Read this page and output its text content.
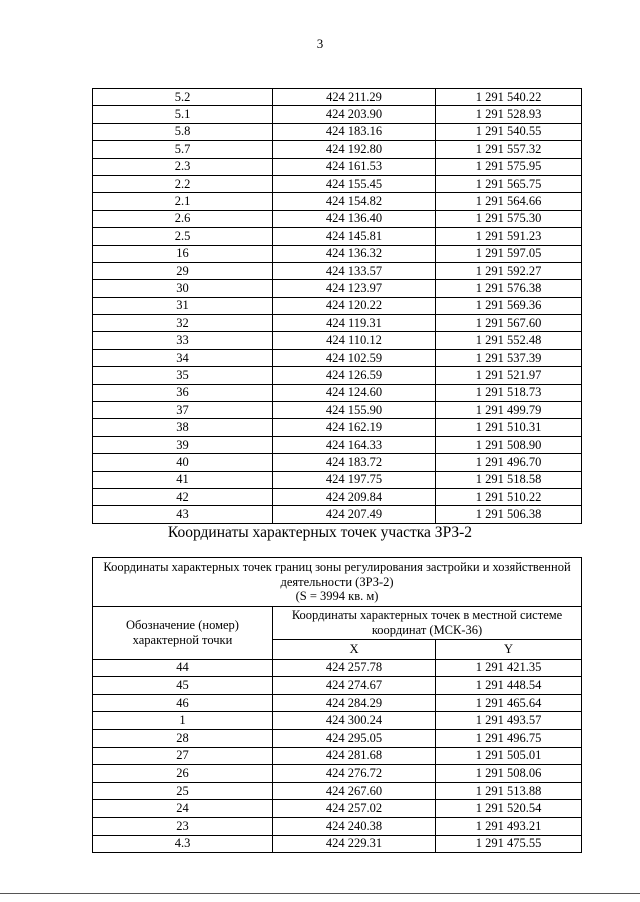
3
5.2	424 211.29	1 291 540.22
5.1	424 203.90	1 291 528.93
5.8	424 183.16	1 291 540.55
5.7	424 192.80	1 291 557.32
2.3	424 161.53	1 291 575.95
2.2	424 155.45	1 291 565.75
2.1	424 154.82	1 291 564.66
2.6	424 136.40	1 291 575.30
2.5	424 145.81	1 291 591.23
16	424 136.32	1 291 597.05
29	424 133.57	1 291 592.27
30	424 123.97	1 291 576.38
31	424 120.22	1 291 569.36
32	424 119.31	1 291 567.60
33	424 110.12	1 291 552.48
34	424 102.59	1 291 537.39
35	424 126.59	1 291 521.97
36	424 124.60	1 291 518.73
37	424 155.90	1 291 499.79
38	424 162.19	1 291 510.31
39	424 164.33	1 291 508.90
40	424 183.72	1 291 496.70
41	424 197.75	1 291 518.58
42	424 209.84	1 291 510.22
43	424 207.49	1 291 506.38
Координаты характерных точек участка ЗРЗ-2
Координаты характерных точек границ зоны регулирования застройки и хозяйственной деятельности (ЗРЗ-2)
(S = 3994 кв. м)		
Обозначение (номер) характерной точки	Координаты характерных точек в местной системе координат (МСК-36)	
	X	Y
44	424 257.78	1 291 421.35
45	424 274.67	1 291 448.54
46	424 284.29	1 291 465.64
1	424 300.24	1 291 493.57
28	424 295.05	1 291 496.75
27	424 281.68	1 291 505.01
26	424 276.72	1 291 508.06
25	424 267.60	1 291 513.88
24	424 257.02	1 291 520.54
23	424 240.38	1 291 493.21
4.3	424 229.31	1 291 475.55
